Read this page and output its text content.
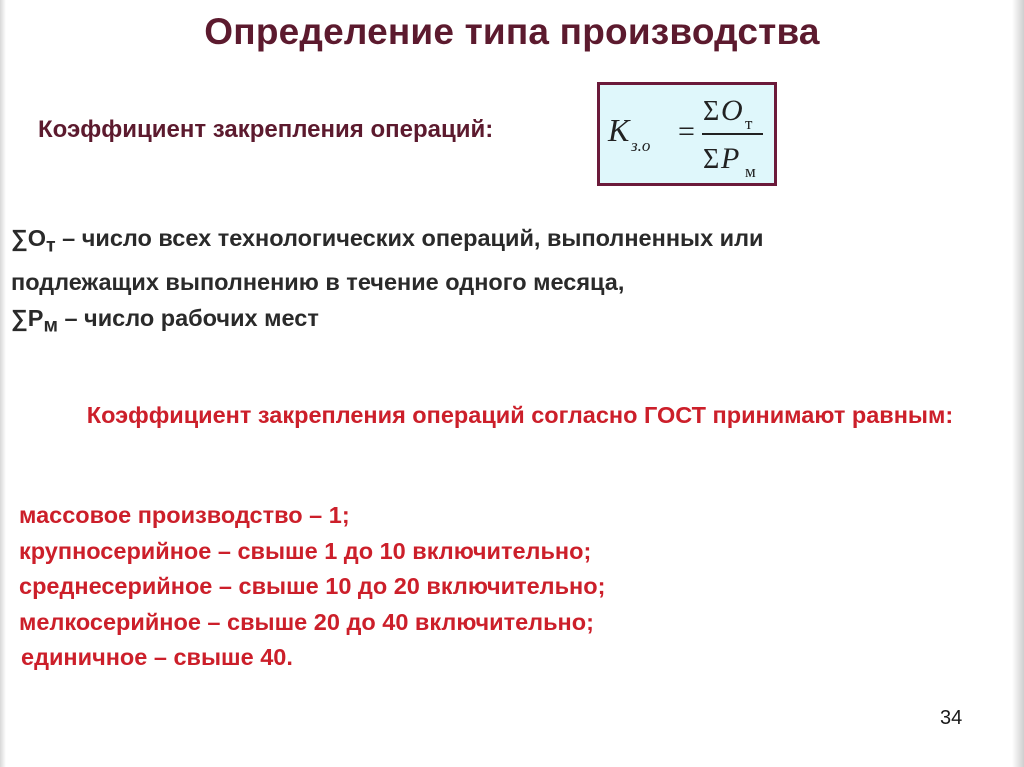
Определение типа производства
Коэффициент закрепления операций:	K з.о =
Σ O т
Σ P м
$\sum О_т$ – число всех технологических операций, выполненных или
подлежащих выполнению в течение одного месяца,
$\sum Р_м$ – число рабочих мест
Коэффициент закрепления операций согласно ГОСТ принимают равным:
массовое производство – 1;
крупносерийное – свыше 1 до 10 включительно;
среднесерийное – свыше 10 до 20 включительно;
мелкосерийное – свыше 20 до 40 включительно;
единичное – свыше 40.
34
